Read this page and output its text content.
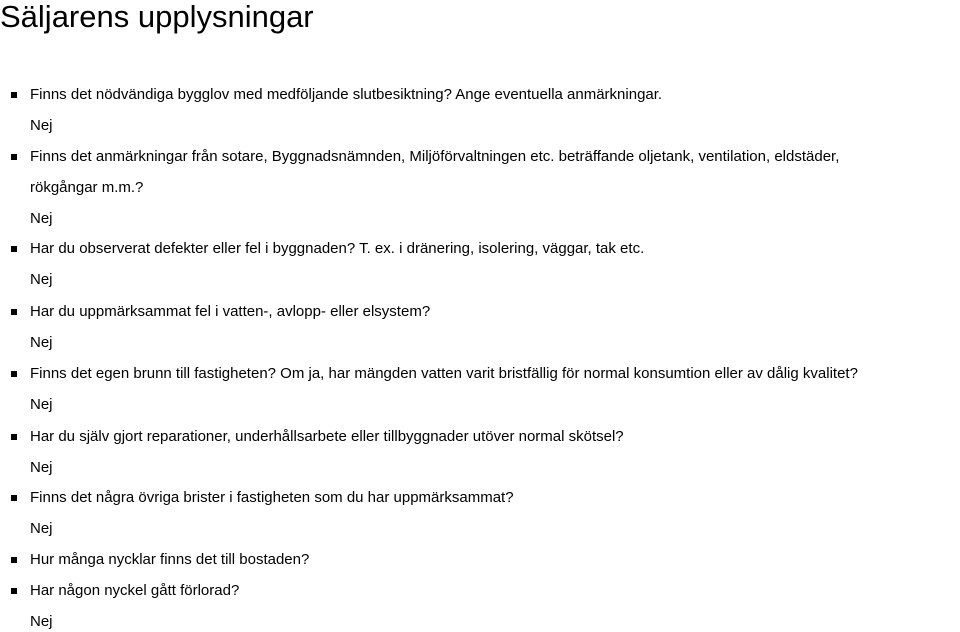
Säljarens upplysningar
Finns det nödvändiga bygglov med medföljande slutbesiktning? Ange eventuella anmärkningar.
Nej
Finns det anmärkningar från sotare, Byggnadsnämnden, Miljöförvaltningen etc. beträffande oljetank, ventilation, eldstäder,
rökgångar m.m.?
Nej
Har du observerat defekter eller fel i byggnaden? T. ex. i dränering, isolering, väggar, tak etc.
Nej
Har du uppmärksammat fel i vatten-, avlopp- eller elsystem?
Nej
Finns det egen brunn till fastigheten? Om ja, har mängden vatten varit bristfällig för normal konsumtion eller av dålig kvalitet?
Nej
Har du själv gjort reparationer, underhållsarbete eller tillbyggnader utöver normal skötsel?
Nej
Finns det några övriga brister i fastigheten som du har uppmärksammat?
Nej
Hur många nycklar finns det till bostaden?
Har någon nyckel gått förlorad?
Nej
